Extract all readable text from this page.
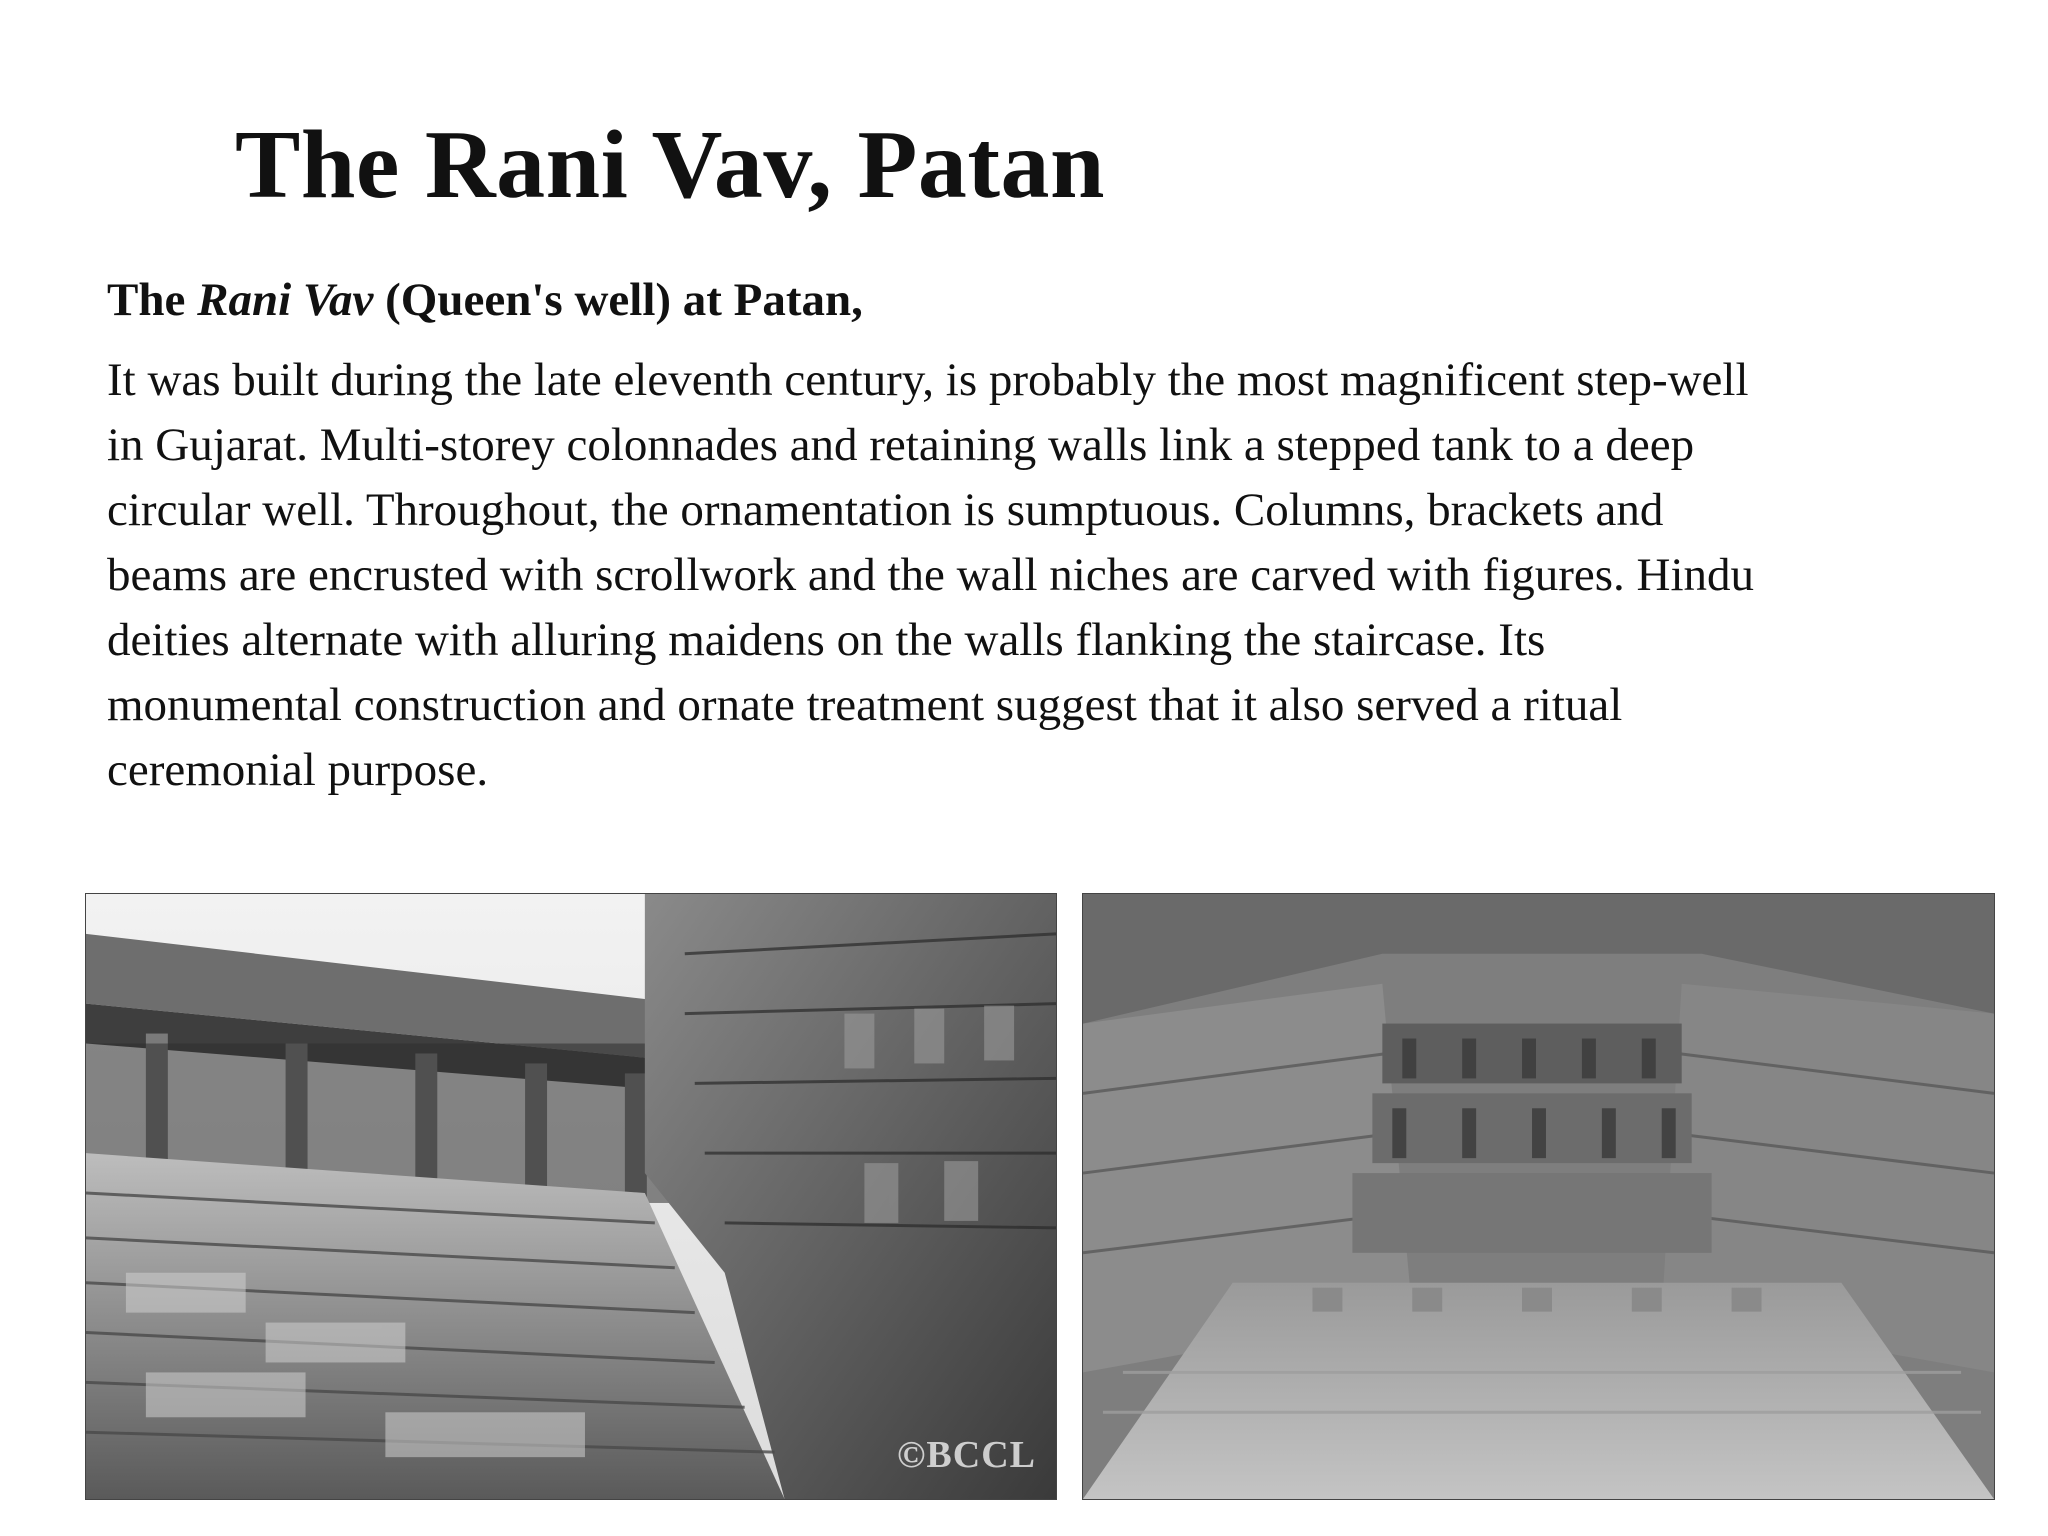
The Rani Vav, Patan

The Rani Vav (Queen's well) at Patan,

It was built during the late eleventh century, is probably the most magnificent step-well
in Gujarat. Multi-storey colonnades and retaining walls link a stepped tank to a deep
circular well. Throughout, the ornamentation is sumptuous. Columns, brackets and
beams are encrusted with scrollwork and the wall niches are carved with figures. Hindu
deities alternate with alluring maidens on the walls flanking the staircase. Its
monumental construction and ornate treatment suggest that it also served a ritual
ceremonial purpose.
©BCCL
